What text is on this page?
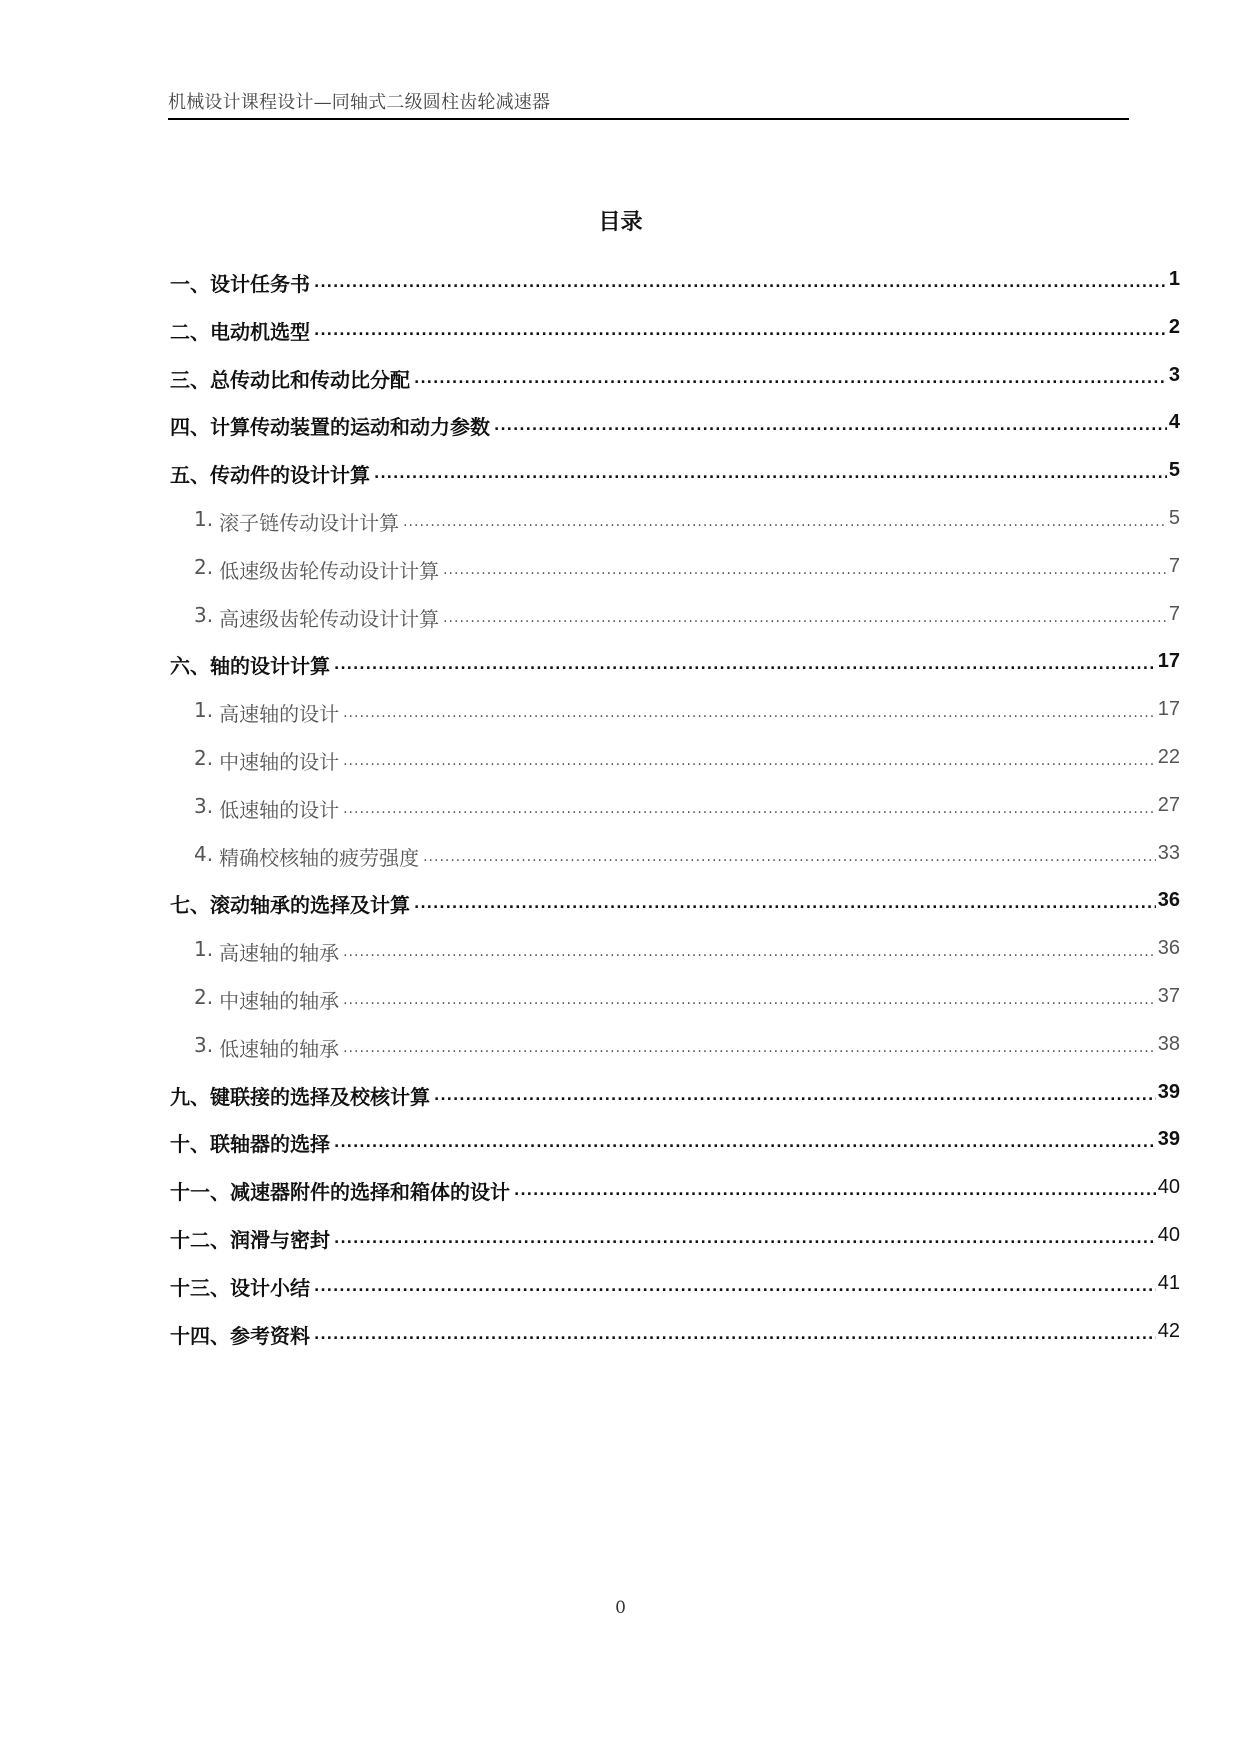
机械设计课程设计—同轴式二级圆柱齿轮减速器
目录
一、设计任务书 .....	1
二、电动机选型 .....	2
三、总传动比和传动比分配 .....	3
四、计算传动装置的运动和动力参数 .....	4
五、传动件的设计计算 .....	5
1. 滚子链传动设计计算 .....	5
2. 低速级齿轮传动设计计算 .....	7
3. 高速级齿轮传动设计计算 .....	7
六、轴的设计计算 .....	17
1. 高速轴的设计 .....	17
2. 中速轴的设计 .....	22
3. 低速轴的设计 .....	27
4. 精确校核轴的疲劳强度 .....	33
七、滚动轴承的选择及计算 .....	36
1. 高速轴的轴承 .....	36
2. 中速轴的轴承 .....	37
3. 低速轴的轴承 .....	38
九、键联接的选择及校核计算 .....	39
十、联轴器的选择 .....	39
十一、减速器附件的选择和箱体的设计 .....	40
十二、润滑与密封 .....	40
十三、设计小结 .....	41
十四、参考资料 .....	42
0
